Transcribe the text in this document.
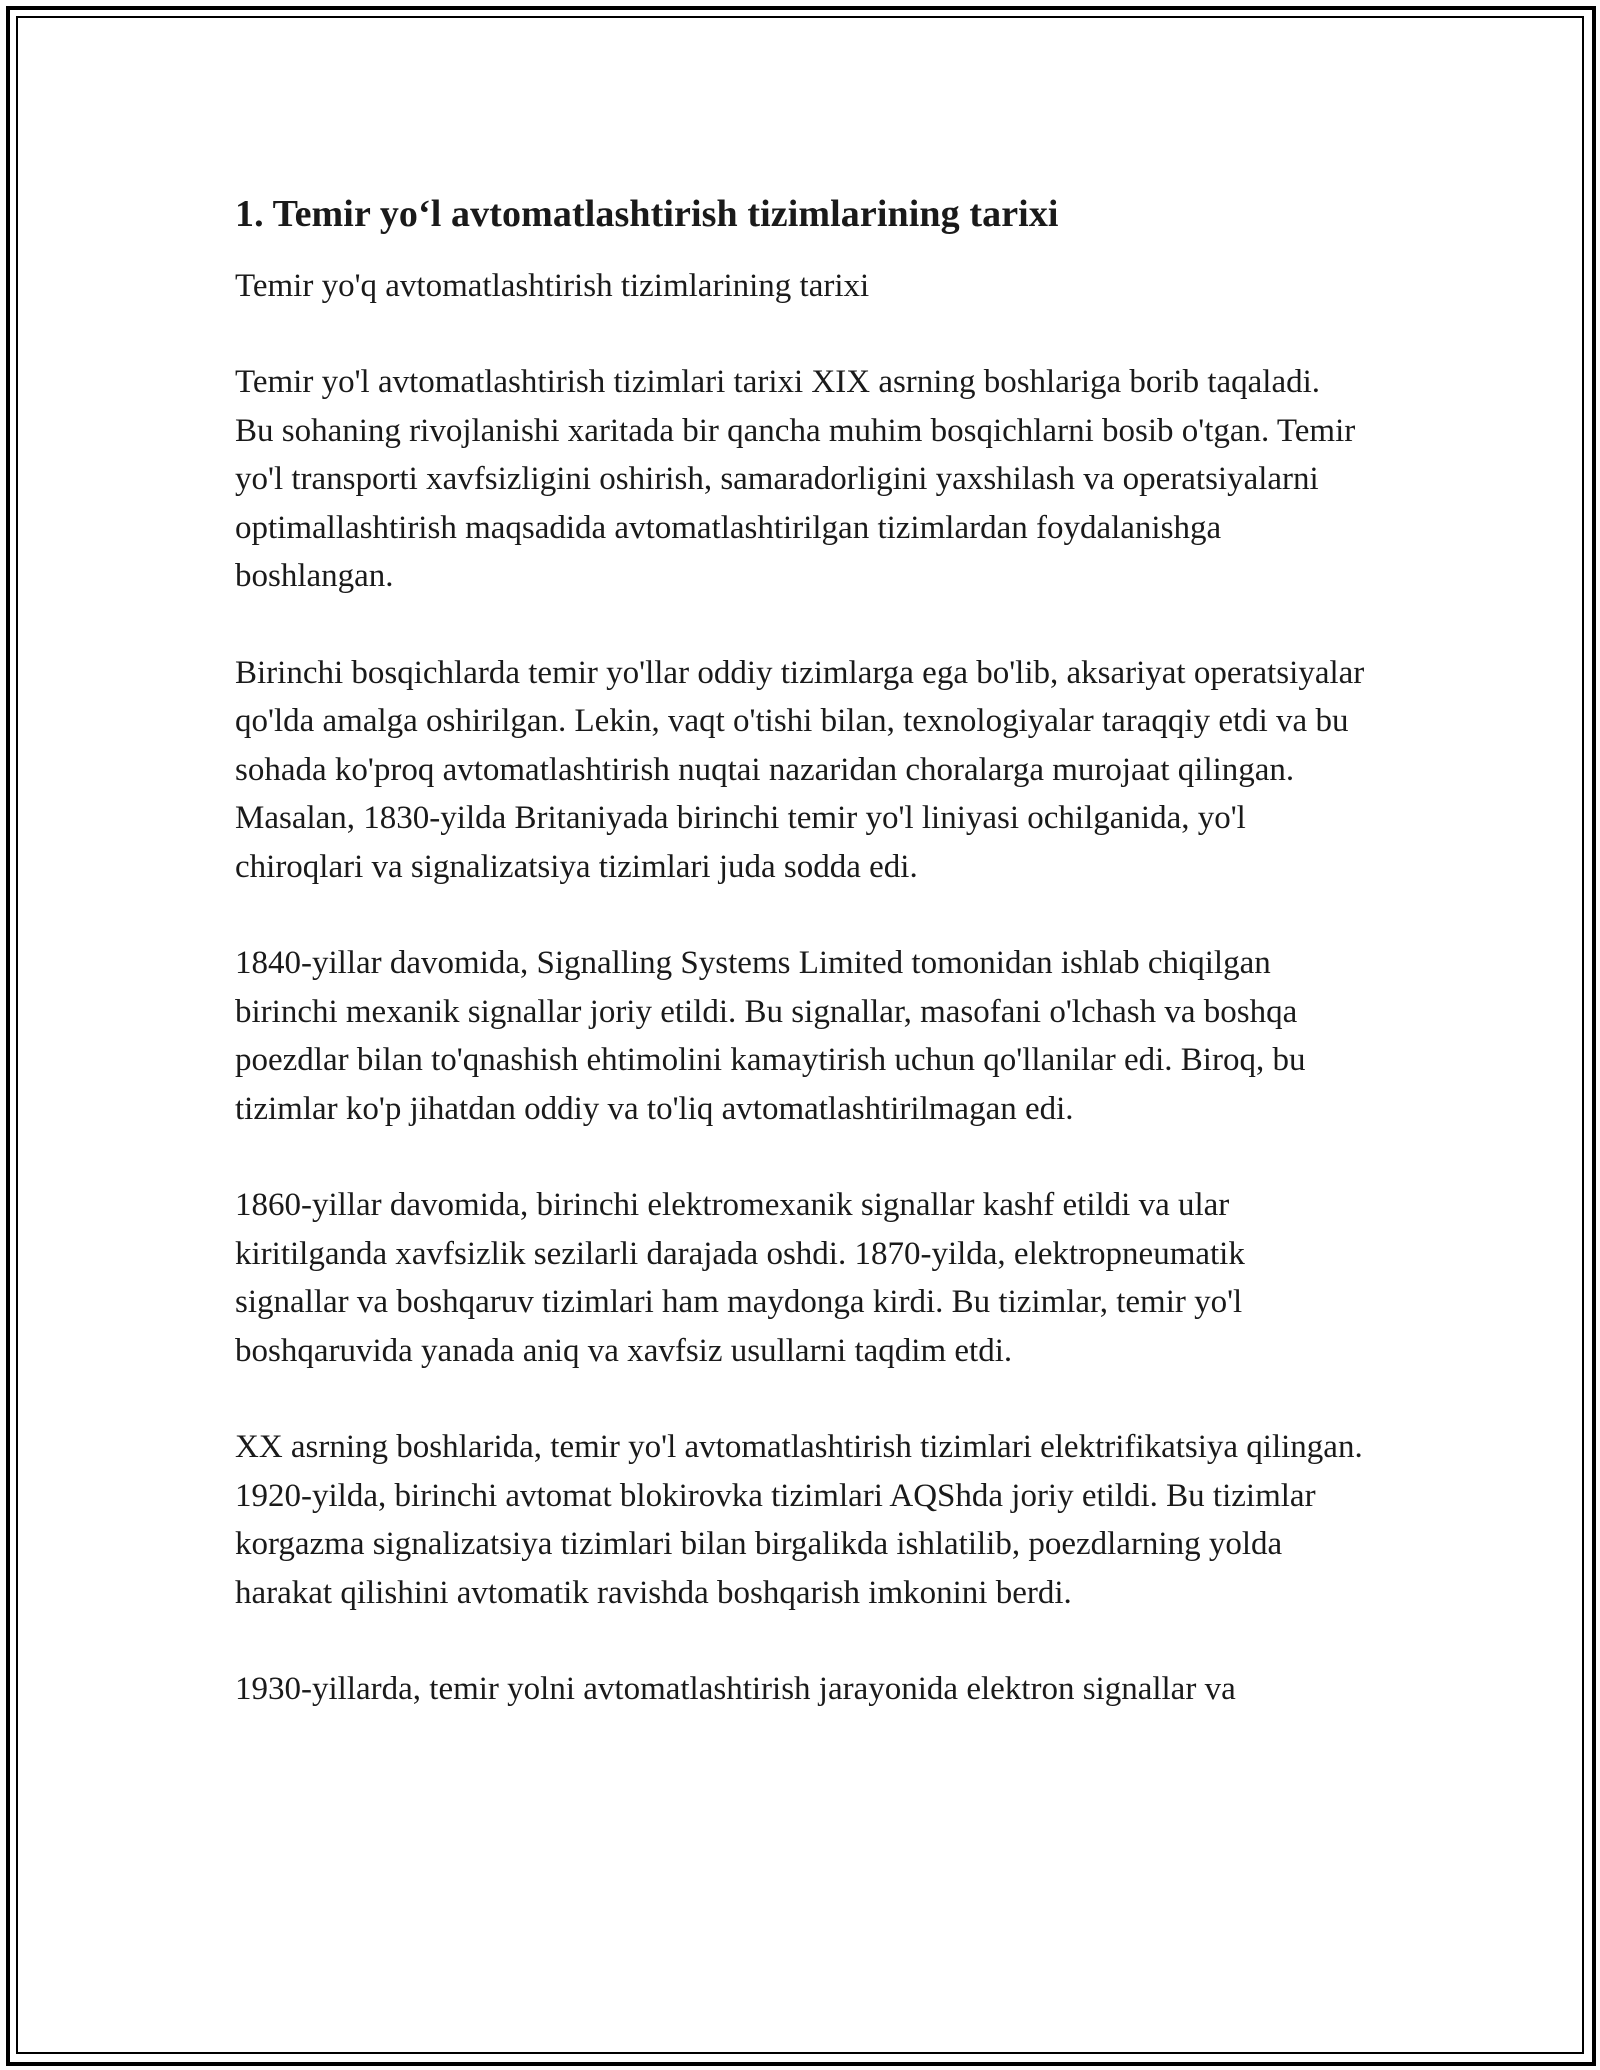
1. Temir yo‘l avtomatlashtirish tizimlarining tarixi

Temir yo'q avtomatlashtirish tizimlarining tarixi

Temir yo'l avtomatlashtirish tizimlari tarixi XIX asrning boshlariga borib taqaladi. Bu sohaning rivojlanishi xaritada bir qancha muhim bosqichlarni bosib o'tgan. Temir yo'l transporti xavfsizligini oshirish, samaradorligini yaxshilash va operatsiyalarni optimallashtirish maqsadida avtomatlashtirilgan tizimlardan foydalanishga boshlangan.

Birinchi bosqichlarda temir yo'llar oddiy tizimlarga ega bo'lib, aksariyat operatsiyalar qo'lda amalga oshirilgan. Lekin, vaqt o'tishi bilan, texnologiyalar taraqqiy etdi va bu sohada ko'proq avtomatlashtirish nuqtai nazaridan choralarga murojaat qilingan. Masalan, 1830-yilda Britaniyada birinchi temir yo'l liniyasi ochilganida, yo'l chiroqlari va signalizatsiya tizimlari juda sodda edi.

1840-yillar davomida, Signalling Systems Limited tomonidan ishlab chiqilgan birinchi mexanik signallar joriy etildi. Bu signallar, masofani o'lchash va boshqa poezdlar bilan to'qnashish ehtimolini kamaytirish uchun qo'llanilar edi. Biroq, bu tizimlar ko'p jihatdan oddiy va to'liq avtomatlashtirilmagan edi.

1860-yillar davomida, birinchi elektromexanik signallar kashf etildi va ular kiritilganda xavfsizlik sezilarli darajada oshdi. 1870-yilda, elektropneumatik signallar va boshqaruv tizimlari ham maydonga kirdi. Bu tizimlar, temir yo'l boshqaruvida yanada aniq va xavfsiz usullarni taqdim etdi.

XX asrning boshlarida, temir yo'l avtomatlashtirish tizimlari elektrifikatsiya qilingan. 1920-yilda, birinchi avtomat blokirovka tizimlari AQShda joriy etildi. Bu tizimlar korgazma signalizatsiya tizimlari bilan birgalikda ishlatilib, poezdlarning yolda harakat qilishini avtomatik ravishda boshqarish imkonini berdi.

1930-yillarda, temir yolni avtomatlashtirish jarayonida elektron signallar va
